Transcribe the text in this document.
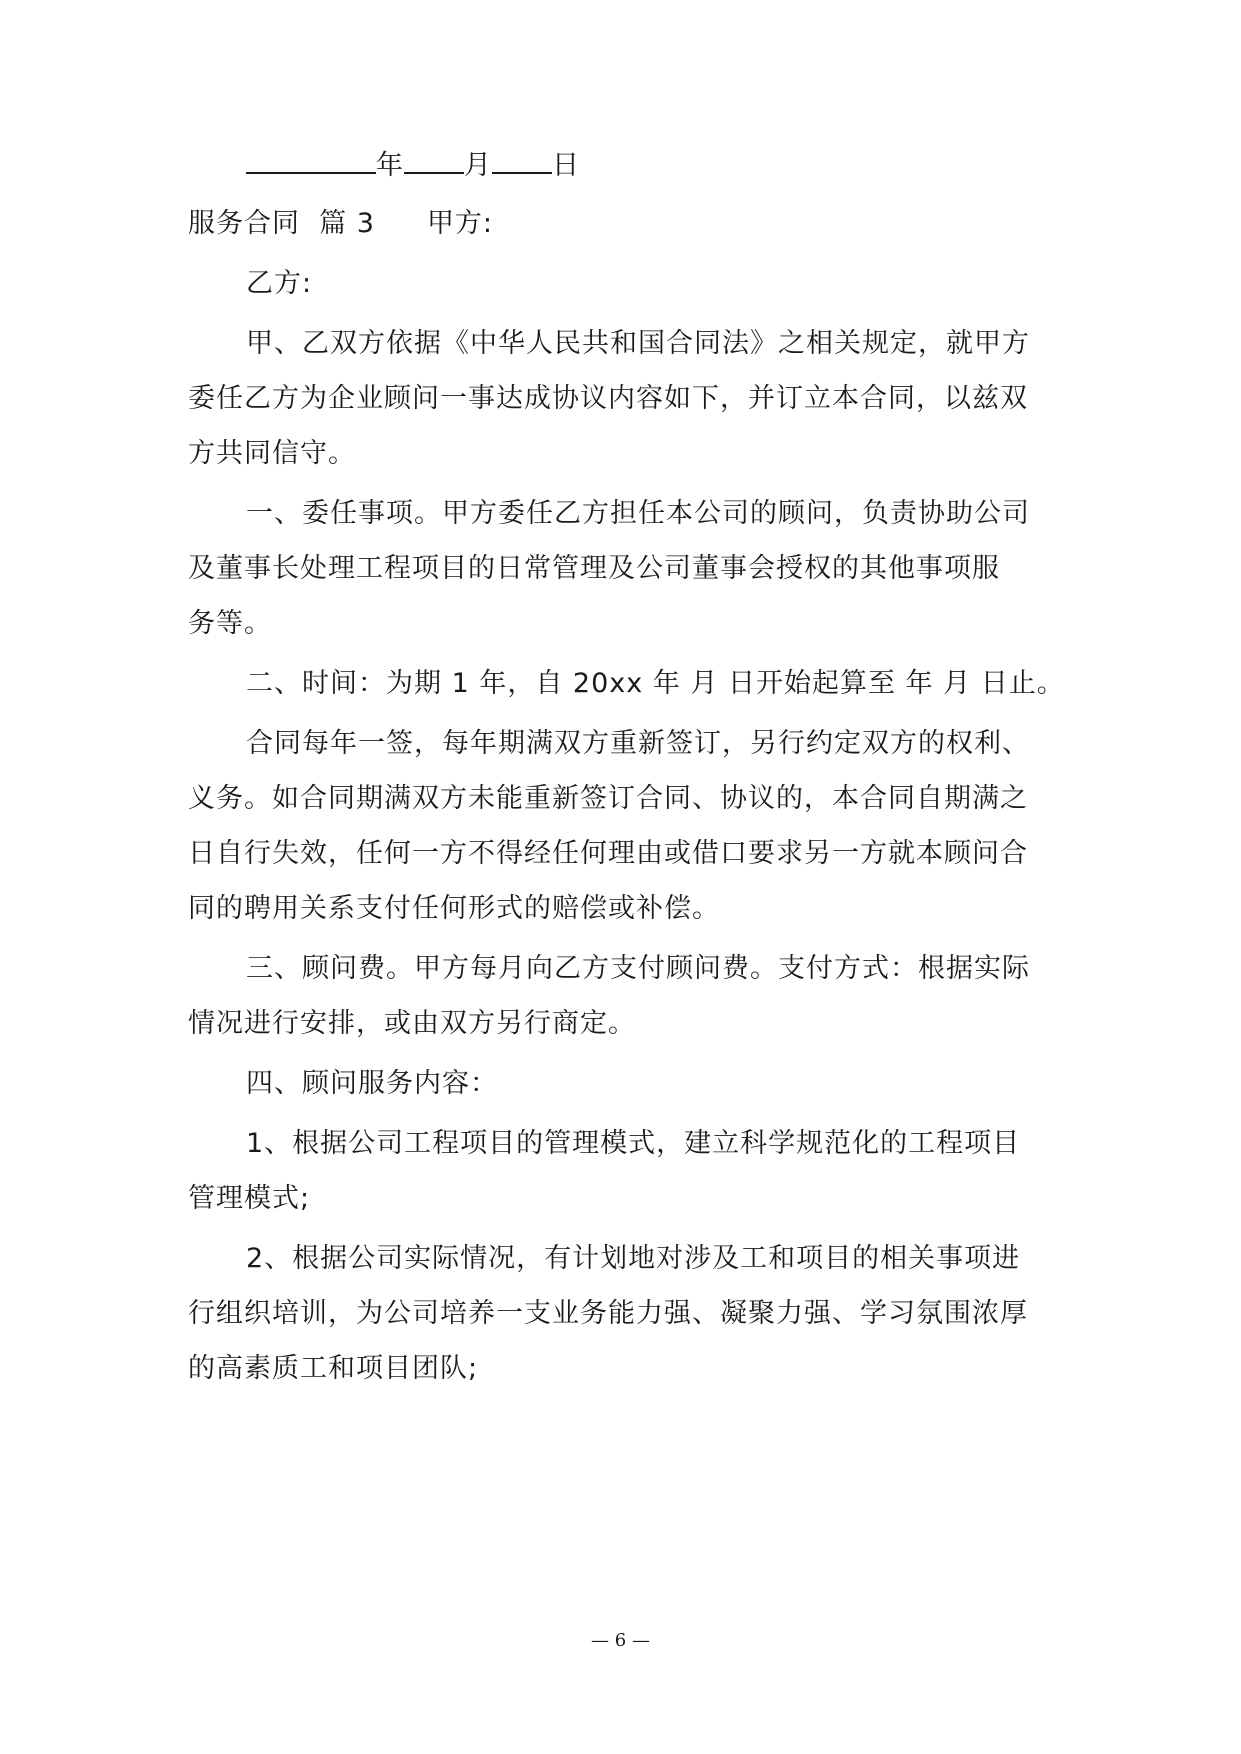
年 月 日
服务合同 篇 3 甲方:
乙方:
甲、乙双方依据《中华人民共和国合同法》之相关规定，就甲方
委任乙方为企业顾问一事达成协议内容如下，并订立本合同，以兹双
方共同信守。
一、委任事项。甲方委任乙方担任本公司的顾问，负责协助公司
及董事长处理工程项目的日常管理及公司董事会授权的其他事项服
务等。
二、时间：为期 1 年，自 20xx 年 月 日开始起算至 年 月 日止。
合同每年一签，每年期满双方重新签订，另行约定双方的权利、
义务。如合同期满双方未能重新签订合同、协议的，本合同自期满之
日自行失效，任何一方不得经任何理由或借口要求另一方就本顾问合
同的聘用关系支付任何形式的赔偿或补偿。
三、顾问费。甲方每月向乙方支付顾问费。支付方式：根据实际
情况进行安排，或由双方另行商定。
四、顾问服务内容：
1、根据公司工程项目的管理模式，建立科学规范化的工程项目
管理模式;
2、根据公司实际情况，有计划地对涉及工和项目的相关事项进
行组织培训，为公司培养一支业务能力强、凝聚力强、学习氛围浓厚
的高素质工和项目团队;
— 6 —
